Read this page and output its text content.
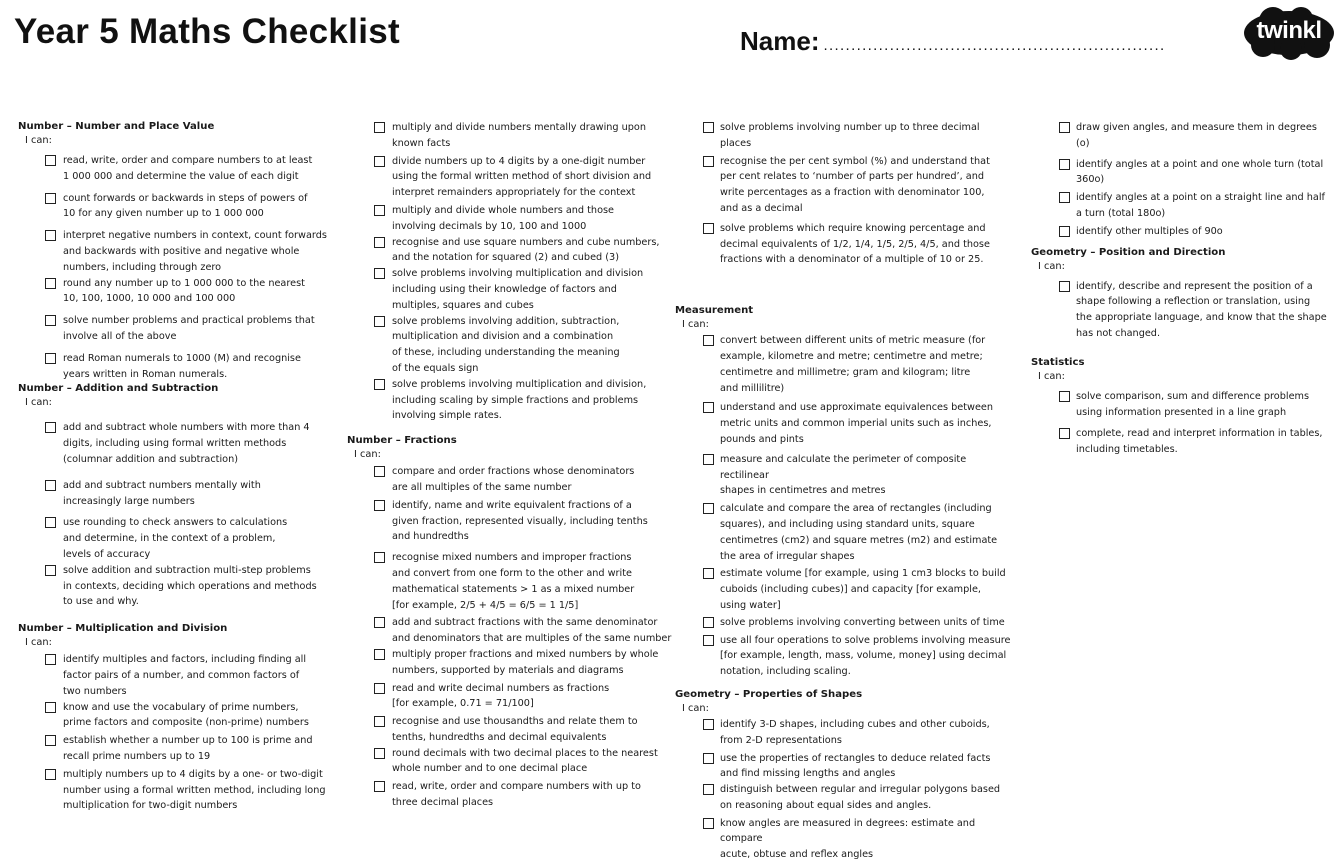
Year 5 Maths Checklist	Name: ..............................................................
twinkl
Number – Number and Place Value
I can:
read, write, order and compare numbers to at least
1 000 000 and determine the value of each digit
count forwards or backwards in steps of powers of
10 for any given number up to 1 000 000
interpret negative numbers in context, count forwards
and backwards with positive and negative whole
numbers, including through zero
round any number up to 1 000 000 to the nearest
10, 100, 1000, 10 000 and 100 000
solve number problems and practical problems that
involve all of the above
read Roman numerals to 1000 (M) and recognise
years written in Roman numerals.
Number – Addition and Subtraction
I can:
add and subtract whole numbers with more than 4
digits, including using formal written methods
(columnar addition and subtraction)
add and subtract numbers mentally with
increasingly large numbers
use rounding to check answers to calculations
and determine, in the context of a problem,
levels of accuracy
solve addition and subtraction multi-step problems
in contexts, deciding which operations and methods
to use and why.
Number – Multiplication and Division
I can:
identify multiples and factors, including finding all
factor pairs of a number, and common factors of
two numbers
know and use the vocabulary of prime numbers,
prime factors and composite (non-prime) numbers
establish whether a number up to 100 is prime and
recall prime numbers up to 19
multiply numbers up to 4 digits by a one- or two-digit
number using a formal written method, including long
multiplication for two-digit numbers
multiply and divide numbers mentally drawing upon
known facts
divide numbers up to 4 digits by a one-digit number
using the formal written method of short division and
interpret remainders appropriately for the context
multiply and divide whole numbers and those
involving decimals by 10, 100 and 1000
recognise and use square numbers and cube numbers,
and the notation for squared (2) and cubed (3)
solve problems involving multiplication and division
including using their knowledge of factors and
multiples, squares and cubes
solve problems involving addition, subtraction,
multiplication and division and a combination
of these, including understanding the meaning
of the equals sign
solve problems involving multiplication and division,
including scaling by simple fractions and problems
involving simple rates.
Number – Fractions
I can:
compare and order fractions whose denominators
are all multiples of the same number
identify, name and write equivalent fractions of a
given fraction, represented visually, including tenths
and hundredths
recognise mixed numbers and improper fractions
and convert from one form to the other and write
mathematical statements > 1 as a mixed number
[for example, 2/5 + 4/5 = 6/5 = 1 1/5]
add and subtract fractions with the same denominator
and denominators that are multiples of the same number
multiply proper fractions and mixed numbers by whole
numbers, supported by materials and diagrams
read and write decimal numbers as fractions
[for example, 0.71 = 71/100]
recognise and use thousandths and relate them to
tenths, hundredths and decimal equivalents
round decimals with two decimal places to the nearest
whole number and to one decimal place
read, write, order and compare numbers with up to
three decimal places
solve problems involving number up to three decimal
places
recognise the per cent symbol (%) and understand that
per cent relates to ‘number of parts per hundred’, and
write percentages as a fraction with denominator 100,
and as a decimal
solve problems which require knowing percentage and
decimal equivalents of 1/2, 1/4, 1/5, 2/5, 4/5, and those
fractions with a denominator of a multiple of 10 or 25.
Measurement
I can:
convert between different units of metric measure (for
example, kilometre and metre; centimetre and metre;
centimetre and millimetre; gram and kilogram; litre
and millilitre)
understand and use approximate equivalences between
metric units and common imperial units such as inches,
pounds and pints
measure and calculate the perimeter of composite rectilinear
shapes in centimetres and metres
calculate and compare the area of rectangles (including
squares), and including using standard units, square
centimetres (cm2) and square metres (m2) and estimate
the area of irregular shapes
estimate volume [for example, using 1 cm3 blocks to build
cuboids (including cubes)] and capacity [for example,
using water]
solve problems involving converting between units of time
use all four operations to solve problems involving measure
[for example, length, mass, volume, money] using decimal
notation, including scaling.
Geometry – Properties of Shapes
I can:
identify 3-D shapes, including cubes and other cuboids,
from 2-D representations
use the properties of rectangles to deduce related facts
and find missing lengths and angles
distinguish between regular and irregular polygons based
on reasoning about equal sides and angles.
know angles are measured in degrees: estimate and compare
acute, obtuse and reflex angles
draw given angles, and measure them in degrees (o)
identify angles at a point and one whole turn (total
360o)
identify angles at a point on a straight line and half
a turn (total 180o)
identify other multiples of 90o
Geometry – Position and Direction
I can:
identify, describe and represent the position of a
shape following a reflection or translation, using
the appropriate language, and know that the shape
has not changed.
Statistics
I can:
solve comparison, sum and difference problems
using information presented in a line graph
complete, read and interpret information in tables,
including timetables.
